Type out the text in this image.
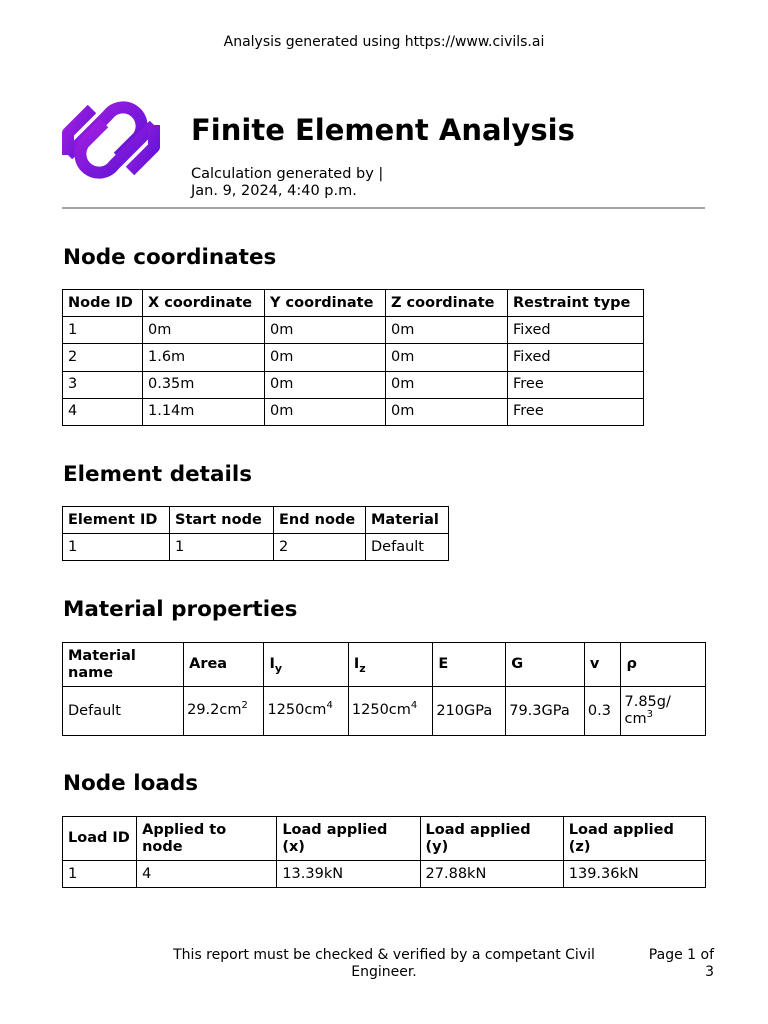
Analysis generated using https://www.civils.ai
Finite Element Analysis
Calculation generated by |
Jan. 9, 2024, 4:40 p.m.
Node coordinates
Node ID	X coordinate	Y coordinate	Z coordinate	Restraint type
1	0m	0m	0m	Fixed
2	1.6m	0m	0m	Fixed
3	0.35m	0m	0m	Free
4	1.14m	0m	0m	Free
Element details
Element ID	Start node	End node	Material
1	1	2	Default
Material properties
Material name	Area	$I_y$	$I_z$	E	G	v	ρ
Default	$29.2cm^2$	$1250cm^4$	$1250cm^4$	210GPa	79.3GPa	0.3	7.85g/ $cm^3$
Node loads
Load ID	Applied to node	Load applied (x)	Load applied (y)	Load applied (z)
1	4	13.39kN	27.88kN	139.36kN
This report must be checked & verified by a competant Civil Engineer.
Page 1 of 3
